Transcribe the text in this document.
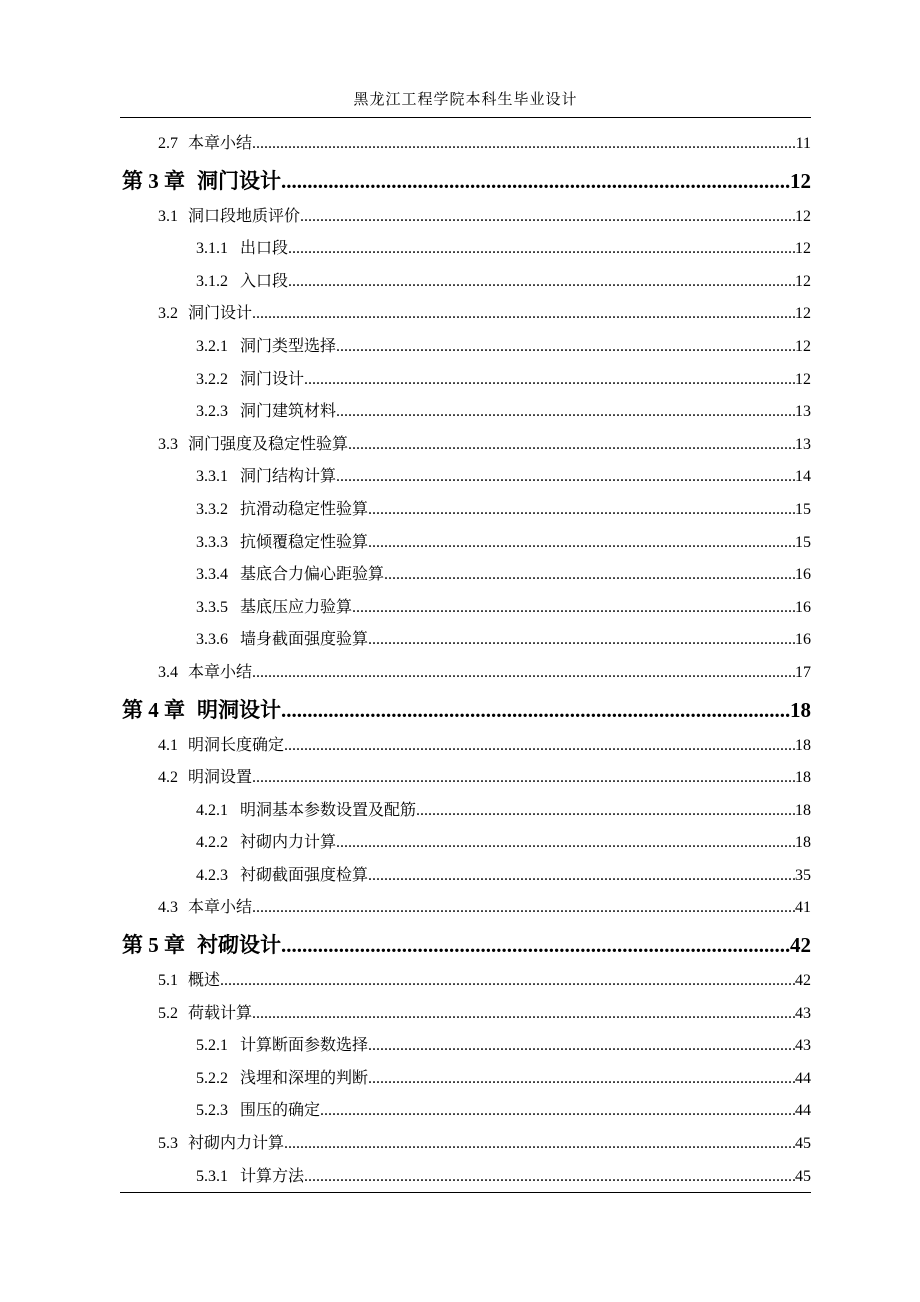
黑龙江工程学院本科生毕业设计
2.7 本章小结 .....	11
第 3 章 洞门设计 .....	12
3.1 洞口段地质评价 .....	12
3.1.1 出口段 .....	12
3.1.2 入口段 .....	12
3.2 洞门设计 .....	12
3.2.1 洞门类型选择 .....	12
3.2.2 洞门设计 .....	12
3.2.3 洞门建筑材料 .....	13
3.3 洞门强度及稳定性验算 .....	13
3.3.1 洞门结构计算 .....	14
3.3.2 抗滑动稳定性验算 .....	15
3.3.3 抗倾覆稳定性验算 .....	15
3.3.4 基底合力偏心距验算 .....	16
3.3.5 基底压应力验算 .....	16
3.3.6 墙身截面强度验算 .....	16
3.4 本章小结 .....	17
第 4 章 明洞设计 .....	18
4.1 明洞长度确定 .....	18
4.2 明洞设置 .....	18
4.2.1 明洞基本参数设置及配筋 .....	18
4.2.2 衬砌内力计算 .....	18
4.2.3 衬砌截面强度检算 .....	35
4.3 本章小结 .....	41
第 5 章 衬砌设计 .....	42
5.1 概述 .....	42
5.2 荷载计算 .....	43
5.2.1 计算断面参数选择 .....	43
5.2.2 浅埋和深埋的判断 .....	44
5.2.3 围压的确定 .....	44
5.3 衬砌内力计算 .....	45
5.3.1 计算方法 .....	45
